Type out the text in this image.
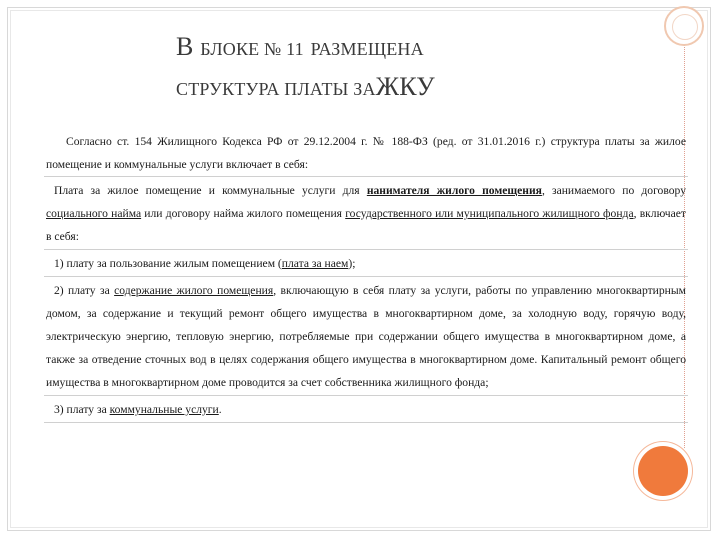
В БЛОКЕ № 11 РАЗМЕЩЕНА
СТРУКТУРА ПЛАТЫ ЗАЖКУ

Согласно ст. 154 Жилищного Кодекса РФ от 29.12.2004 г. № 188-ФЗ (ред. от 31.01.2016 г.) структура платы за жилое помещение и коммунальные услуги включает в себя:

Плата за жилое помещение и коммунальные услуги для нанимателя жилого помещения, занимаемого по договору социального найма или договору найма жилого помещения государственного или муниципального жилищного фонда, включает в себя:

1) плату за пользование жилым помещением (плата за наем);

2) плату за содержание жилого помещения, включающую в себя плату за услуги, работы по управлению многоквартирным домом, за содержание и текущий ремонт общего имущества в многоквартирном доме, за холодную воду, горячую воду, электрическую энергию, тепловую энергию, потребляемые при содержании общего имущества в многоквартирном доме, а также за отведение сточных вод в целях содержания общего имущества в многоквартирном доме. Капитальный ремонт общего имущества в многоквартирном доме проводится за счет собственника жилищного фонда;

3) плату за коммунальные услуги.
